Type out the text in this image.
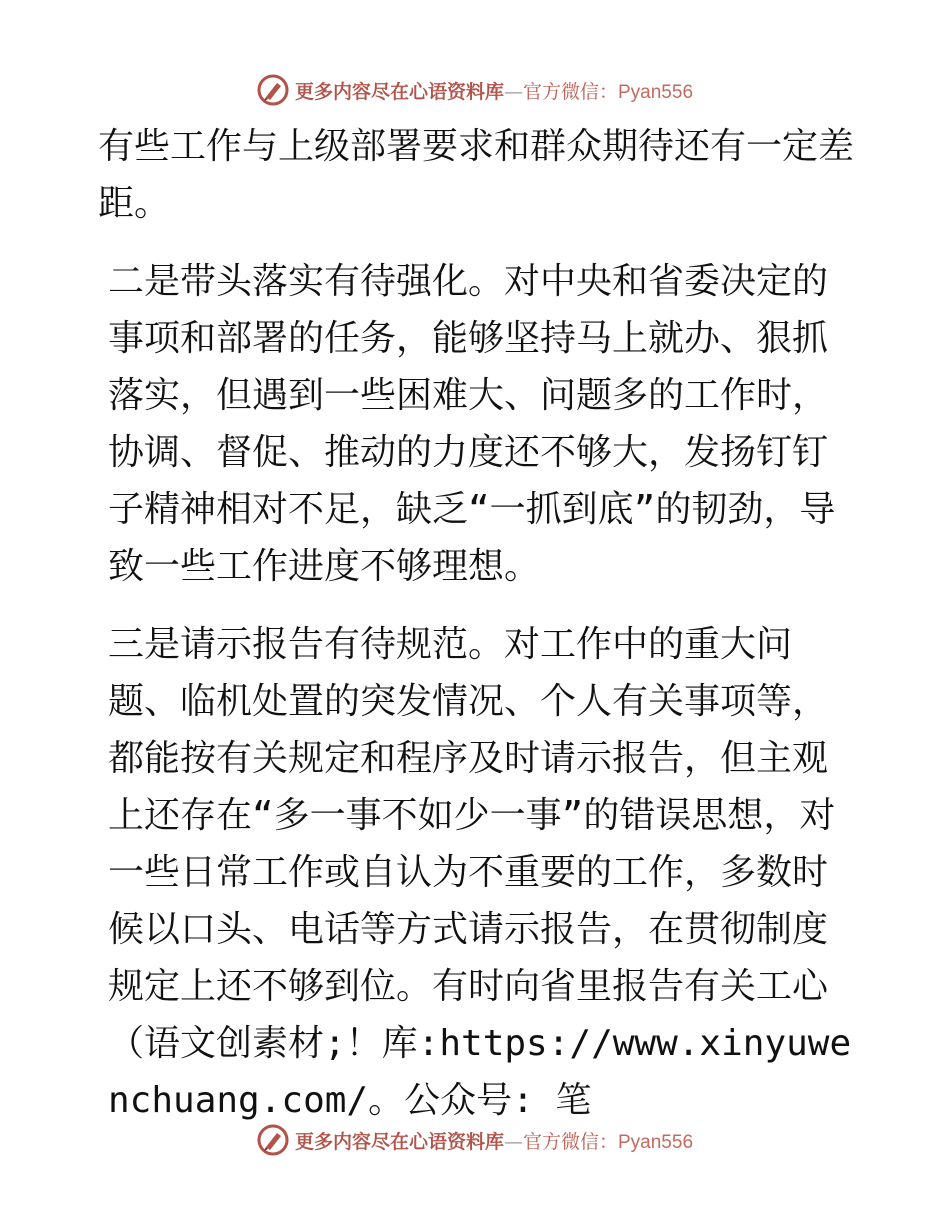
更多内容尽在心语资料库—官方微信：Pyan556

有些工作与上级部署要求和群众期待还有一定差距。

二是带头落实有待强化。对中央和省委决定的事项和部署的任务，能够坚持马上就办、狠抓落实，但遇到一些困难大、问题多的工作时，协调、督促、推动的力度还不够大，发扬钉钉子精神相对不足，缺乏“一抓到底”的韧劲，导致一些工作进度不够理想。

三是请示报告有待规范。对工作中的重大问题、临机处置的突发情况、个人有关事项等，都能按有关规定和程序及时请示报告，但主观上还存在“多一事不如少一事”的错误思想，对一些日常工作或自认为不重要的工作，多数时候以口头、电话等方式请示报告，在贯彻制度规定上还不够到位。有时向省里报告有关工心（语文创素材;！库:https://www.xinyuwenchuang.com/。公众号: 笔

更多内容尽在心语资料库—官方微信：Pyan556
